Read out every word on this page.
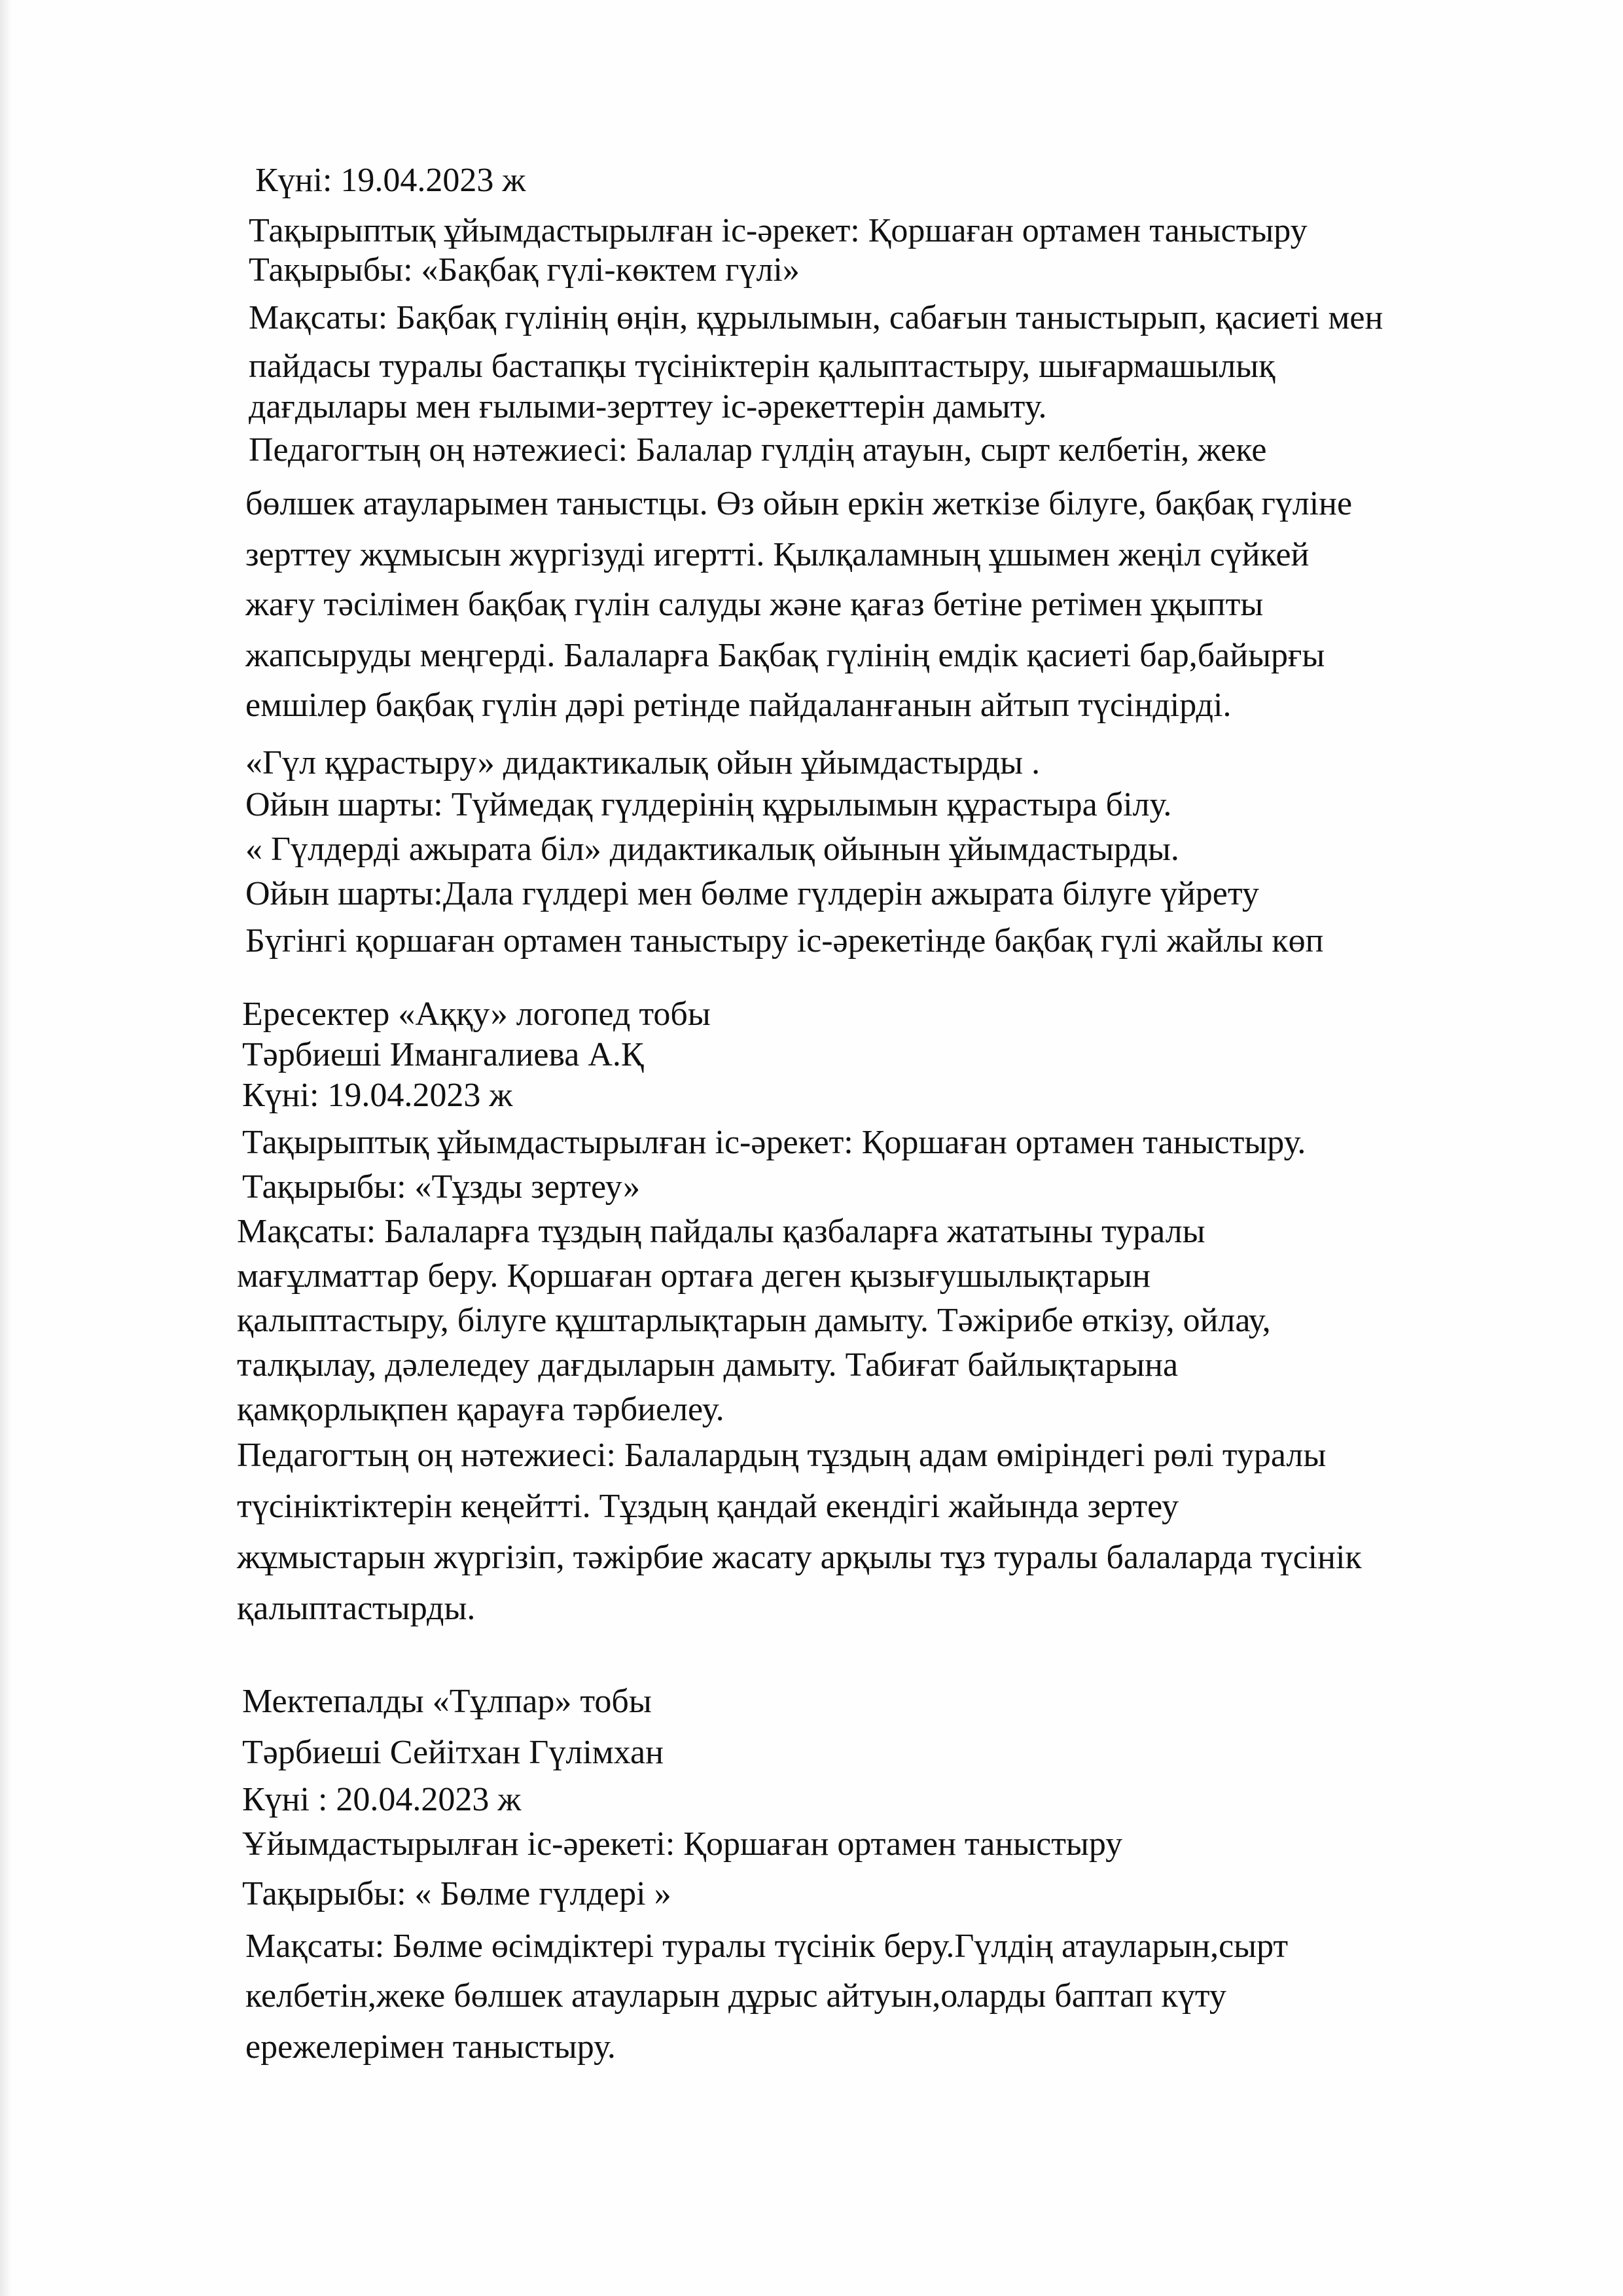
Күні: 19.04.2023 ж

Тақырыптық ұйымдастырылған іс-әрекет: Қоршаған ортамен таныстыру

Тақырыбы: «Бақбақ гүлі-көктем гүлі»

Мақсаты: Бақбақ гүлінің өңін, құрылымын, сабағын таныстырып, қасиеті мен

пайдасы туралы бастапқы түсініктерін қалыптастыру, шығармашылық

дағдылары мен ғылыми-зерттеу іс-әрекеттерін дамыту.

Педагогтың оң нәтежиесі: Балалар гүлдің атауын, сырт келбетін, жеке

бөлшек атауларымен таныстцы. Өз ойын еркін жеткізе білуге, бақбақ гүліне

зерттеу жұмысын жүргізуді игертті. Қылқаламның ұшымен жеңіл сүйкей

жағу тәсілімен бақбақ гүлін салуды және қағаз бетіне ретімен ұқыпты

жапсыруды меңгерді. Балаларға Бақбақ гүлінің емдік қасиеті бар,байырғы

емшілер бақбақ гүлін дәрі ретінде пайдаланғанын айтып түсіндірді.

«Гүл құрастыру» дидактикалық ойын ұйымдастырды .

Ойын шарты: Түймедақ гүлдерінің құрылымын құрастыра білу.

« Гүлдерді ажырата біл» дидактикалық ойынын ұйымдастырды.

Ойын шарты:Дала гүлдері мен бөлме гүлдерін ажырата білуге үйрету

Бүгінгі қоршаған ортамен таныстыру іс-әрекетінде бақбақ гүлі жайлы көп

Ересектер «Аққу» логопед тобы

Тәрбиеші Имангалиева А.Қ

Күні: 19.04.2023 ж

Тақырыптық ұйымдастырылған іс-әрекет: Қоршаған ортамен таныстыру.

Тақырыбы: «Тұзды зертеу»

Мақсаты: Балаларға тұздың пайдалы қазбаларға жататыны туралы

мағұлматтар беру. Қоршаған ортаға деген қызығушылықтарын

қалыптастыру, білуге құштарлықтарын дамыту. Тәжірибе өткізу, ойлау,

талқылау, дәлеледеу дағдыларын дамыту. Табиғат байлықтарына

қамқорлықпен қарауға тәрбиелеу.

Педагогтың оң нәтежиесі: Балалардың тұздың адам өміріндегі рөлі туралы

түсініктіктерін кеңейтті. Тұздың қандай екендігі жайында зертеу

жұмыстарын жүргізіп, тәжірбие жасату арқылы тұз туралы балаларда түсінік

қалыптастырды.

Мектепалды «Тұлпар» тобы

Тәрбиеші Сейітхан Гүлімхан

Күні : 20.04.2023 ж

Ұйымдастырылған іс-әрекеті: Қоршаған ортамен таныстыру

Тақырыбы: « Бөлме гүлдері »

Мақсаты: Бөлме өсімдіктері туралы түсінік беру.Гүлдің атауларын,сырт

келбетін,жеке бөлшек атауларын дұрыс айтуын,оларды баптап күту

ережелерімен таныстыру.
